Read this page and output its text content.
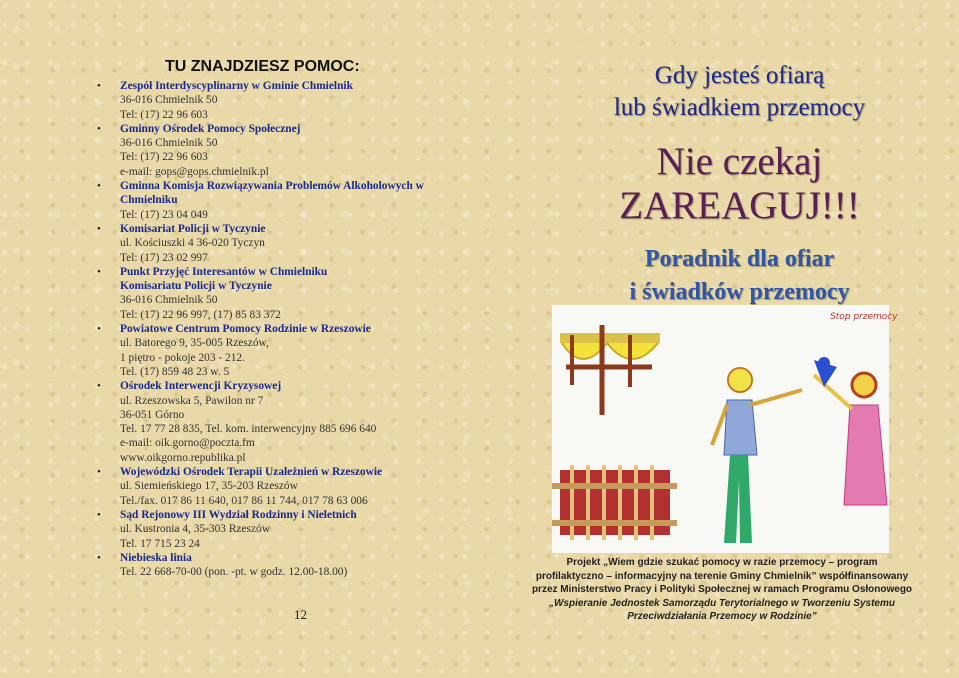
TU ZNAJDZIESZ POMOC:
• Zespół Interdyscyplinarny w Gminie Chmielnik
36-016 Chmielnik 50
Tel: (17) 22 96 603
• Gminny Ośrodek Pomocy Społecznej
36-016 Chmielnik 50
Tel: (17) 22 96 603
e-mail: gops@gops.chmielnik.pl
• Gminna Komisja Rozwiązywania Problemów Alkoholowych w Chmielniku
Tel: (17) 23 04 049
• Komisariat Policji w Tyczynie
ul. Kościuszki 4 36-020 Tyczyn
Tel: (17) 23 02 997
• Punkt Przyjęć Interesantów w Chmielniku
Komisariatu Policji w Tyczynie
36-016 Chmielnik 50
Tel: (17) 22 96 997, (17) 85 83 372
• Powiatowe Centrum Pomocy Rodzinie w Rzeszowie
ul. Batorego 9, 35-005 Rzeszów,
1 piętro - pokoje 203 - 212.
Tel. (17) 859 48 23 w. 5
• Ośrodek Interwencji Kryzysowej
ul. Rzeszowska 5, Pawilon nr 7
36-051 Górno
Tel. 17 77 28 835, Tel. kom. interwencyjny 885 696 640
e-mail: oik.gorno@poczta.fm
www.oikgorno.republika.pl
• Wojewódzki Ośrodek Terapii Uzależnień w Rzeszowie
ul. Siemieńskiego 17, 35-203 Rzeszów
Tel./fax. 017 86 11 640, 017 86 11 744, 017 78 63 006
• Sąd Rejonowy III Wydział Rodzinny i Nieletnich
ul. Kustronia 4, 35-303 Rzeszów
Tel. 17 715 23 24
• Niebieska linia
Tel. 22 668-70-00 (pon. -pt. w godz. 12.00-18.00)
12
Gdy jesteś ofiarą
lub świadkiem przemocy
Nie czekaj
ZAREAGUJ!!!
Poradnik dla ofiar
i świadków przemocy
Stop przemocy
Projekt „Wiem gdzie szukać pomocy w razie przemocy – program
profilaktyczno – informacyjny na terenie Gminy Chmielnik” współfinansowany
przez Ministerstwo Pracy i Polityki Społecznej w ramach Programu Osłonowego
„Wspieranie Jednostek Samorządu Terytorialnego w Tworzeniu Systemu
Przeciwdziałania Przemocy w Rodzinie”
